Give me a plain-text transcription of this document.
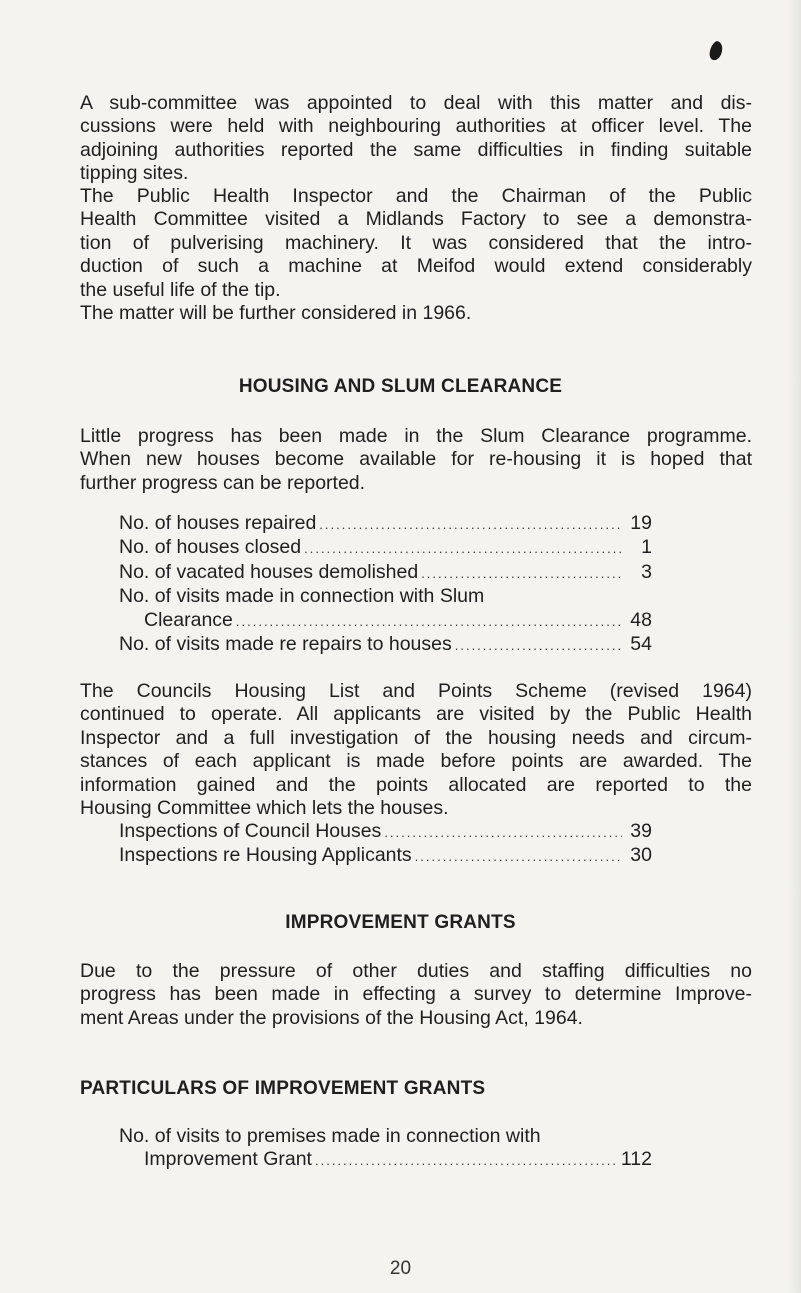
A sub-committee was appointed to deal with this matter and dis-
cussions were held with neighbouring authorities at officer level. The
adjoining authorities reported the same difficulties in finding suitable
tipping sites.
The Public Health Inspector and the Chairman of the Public
Health Committee visited a Midlands Factory to see a demonstra-
tion of pulverising machinery. It was considered that the intro-
duction of such a machine at Meifod would extend considerably
the useful life of the tip.
The matter will be further considered in 1966.
HOUSING AND SLUM CLEARANCE
Little progress has been made in the Slum Clearance programme.
When new houses become available for re-housing it is hoped that
further progress can be reported.
No. of houses repaired .....	19
No. of houses closed .....	1
No. of vacated houses demolished .....	3
No. of visits made in connection with Slum
Clearance .....	48
No. of visits made re repairs to houses .....	54
The Councils Housing List and Points Scheme (revised 1964)
continued to operate. All applicants are visited by the Public Health
Inspector and a full investigation of the housing needs and circum-
stances of each applicant is made before points are awarded. The
information gained and the points allocated are reported to the
Housing Committee which lets the houses.
Inspections of Council Houses .....	39
Inspections re Housing Applicants .....	30
IMPROVEMENT GRANTS
Due to the pressure of other duties and staffing difficulties no
progress has been made in effecting a survey to determine Improve-
ment Areas under the provisions of the Housing Act, 1964.
PARTICULARS OF IMPROVEMENT GRANTS
No. of visits to premises made in connection with
Improvement Grant .....	112
20
